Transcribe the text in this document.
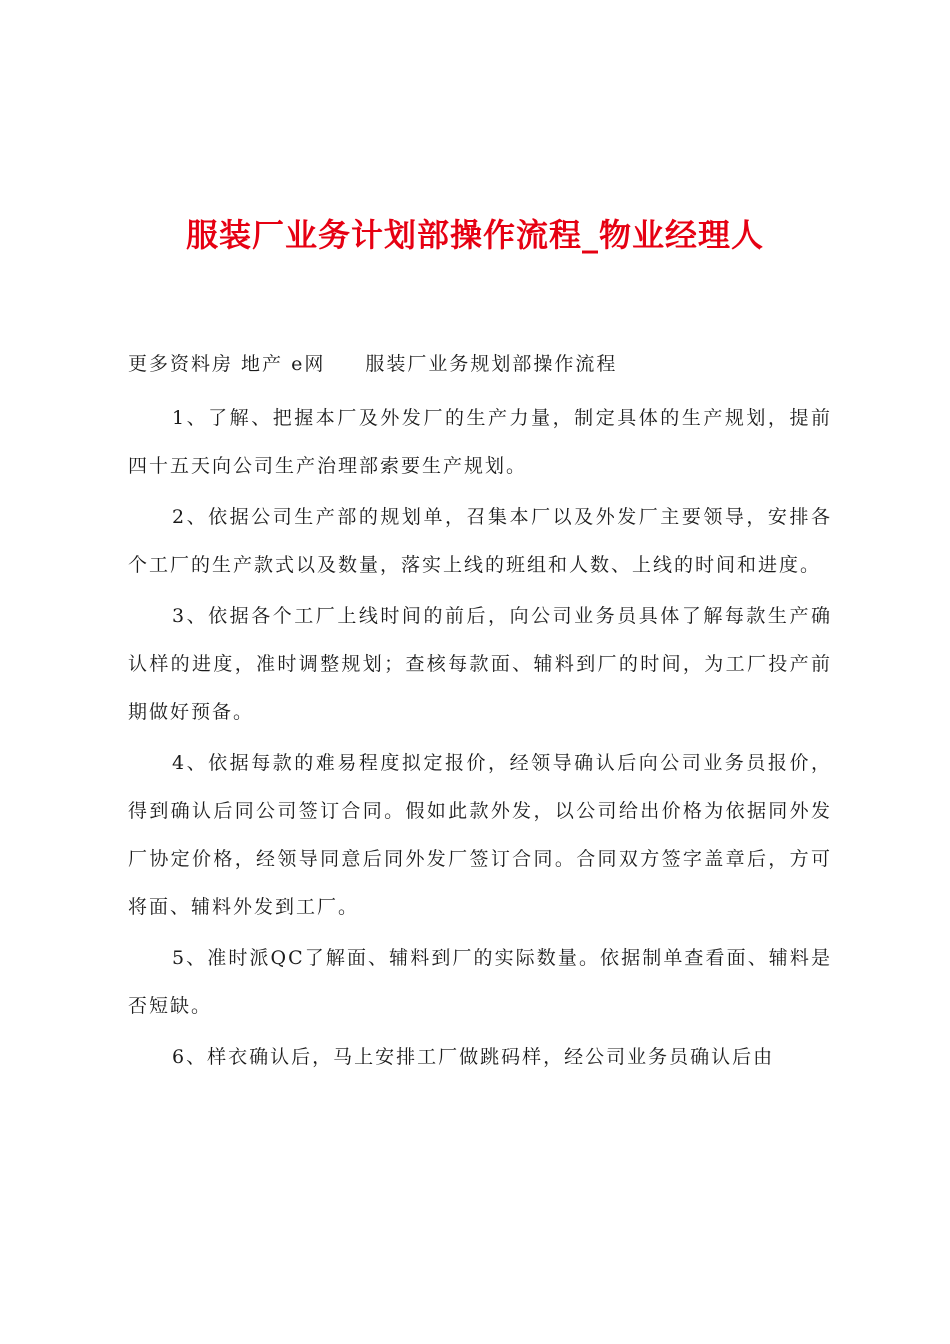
服装厂业务计划部操作流程_物业经理人
更多资料房 地产 e网 服装厂业务规划部操作流程

1、了解、把握本厂及外发厂的生产力量，制定具体的生产规划，提前四十五天向公司生产治理部索要生产规划。

2、依据公司生产部的规划单，召集本厂以及外发厂主要领导，安排各个工厂的生产款式以及数量，落实上线的班组和人数、上线的时间和进度。

3、依据各个工厂上线时间的前后，向公司业务员具体了解每款生产确认样的进度，准时调整规划；查核每款面、辅料到厂的时间，为工厂投产前期做好预备。

4、依据每款的难易程度拟定报价，经领导确认后向公司业务员报价，得到确认后同公司签订合同。假如此款外发，以公司给出价格为依据同外发厂协定价格，经领导同意后同外发厂签订合同。合同双方签字盖章后，方可将面、辅料外发到工厂。

5、准时派QC了解面、辅料到厂的实际数量。依据制单查看面、辅料是否短缺。

6、样衣确认后，马上安排工厂做跳码样，经公司业务员确认后由
